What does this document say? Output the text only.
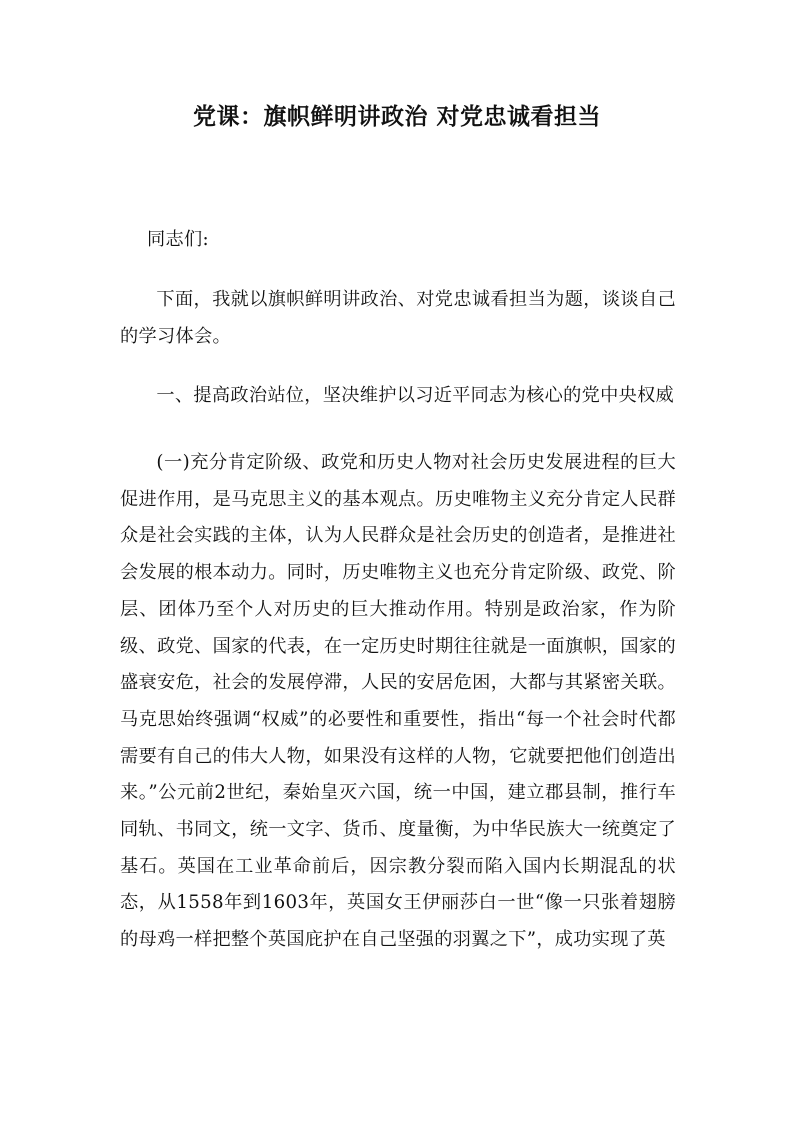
党课：旗帜鲜明讲政治 对党忠诚看担当
同志们:
下面，我就以旗帜鲜明讲政治、对党忠诚看担当为题，谈谈自己的学习体会。
一、提高政治站位，坚决维护以习近平同志为核心的党中央权威
(一)充分肯定阶级、政党和历史人物对社会历史发展进程的巨大促进作用，是马克思主义的基本观点。历史唯物主义充分肯定人民群众是社会实践的主体，认为人民群众是社会历史的创造者，是推进社会发展的根本动力。同时，历史唯物主义也充分肯定阶级、政党、阶层、团体乃至个人对历史的巨大推动作用。特别是政治家，作为阶级、政党、国家的代表，在一定历史时期往往就是一面旗帜，国家的盛衰安危，社会的发展停滞，人民的安居危困，大都与其紧密关联。马克思始终强调“权威”的必要性和重要性，指出“每一个社会时代都需要有自己的伟大人物，如果没有这样的人物，它就要把他们创造出来。”公元前2世纪，秦始皇灭六国，统一中国，建立郡县制，推行车同轨、书同文，统一文字、货币、度量衡，为中华民族大一统奠定了基石。英国在工业革命前后，因宗教分裂而陷入国内长期混乱的状态，从1558年到1603年，英国女王伊丽莎白一世“像一只张着翅膀的母鸡一样把整个英国庇护在自己坚强的羽翼之下”，成功实现了英
